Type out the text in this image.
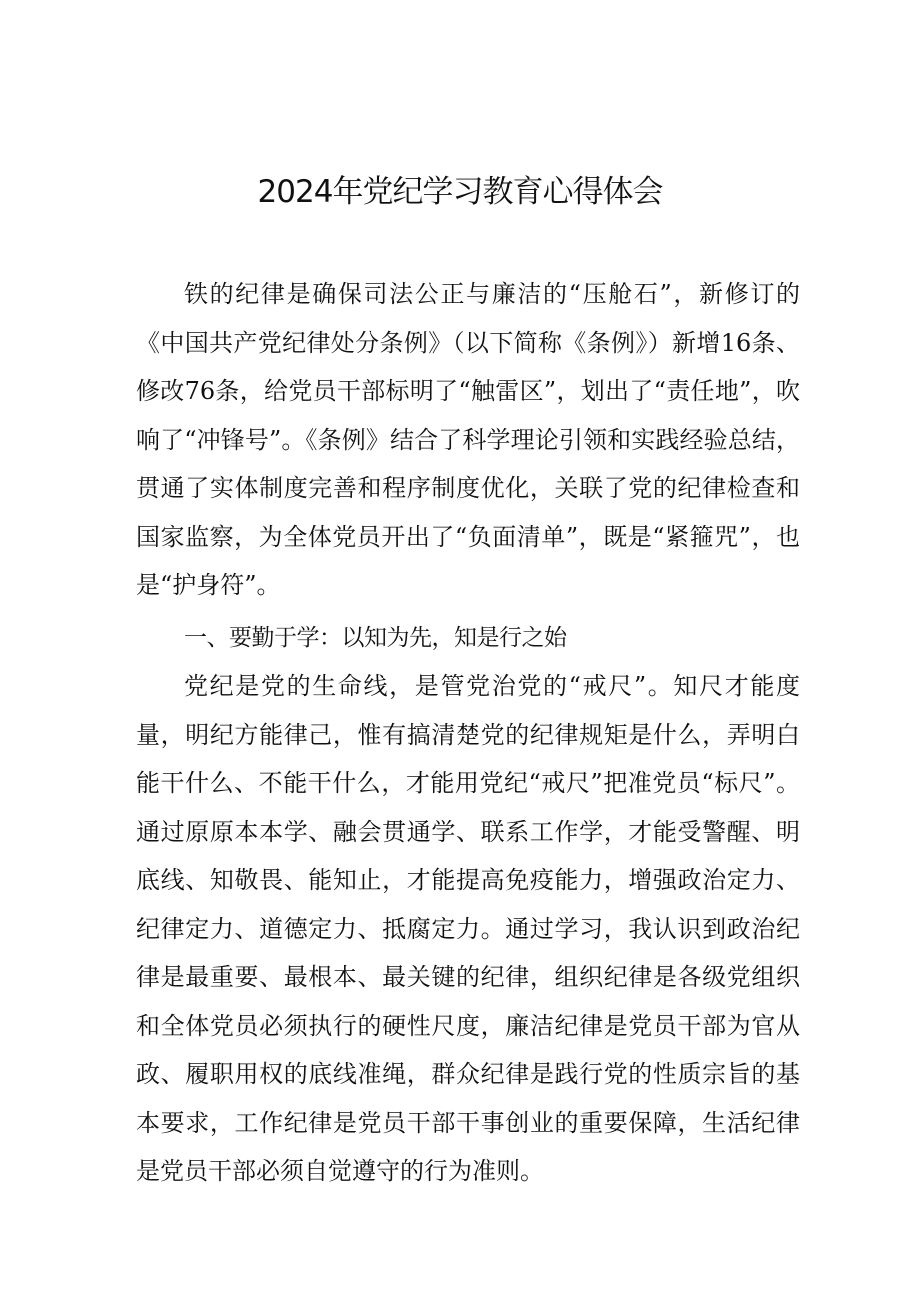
2024年党纪学习教育心得体会

铁的纪律是确保司法公正与廉洁的“压舱石”，新修订的《中国共产党纪律处分条例》（以下简称《条例》）新增16条、修改76条，给党员干部标明了“触雷区”，划出了“责任地”，吹响了“冲锋号”。《条例》结合了科学理论引领和实践经验总结，贯通了实体制度完善和程序制度优化，关联了党的纪律检查和国家监察，为全体党员开出了“负面清单”，既是“紧箍咒”，也是“护身符”。

一、要勤于学：以知为先，知是行之始

党纪是党的生命线，是管党治党的“戒尺”。知尺才能度量，明纪方能律己，惟有搞清楚党的纪律规矩是什么，弄明白能干什么、不能干什么，才能用党纪“戒尺”把准党员“标尺”。通过原原本本学、融会贯通学、联系工作学，才能受警醒、明底线、知敬畏、能知止，才能提高免疫能力，增强政治定力、纪律定力、道德定力、抵腐定力。通过学习，我认识到政治纪律是最重要、最根本、最关键的纪律，组织纪律是各级党组织和全体党员必须执行的硬性尺度，廉洁纪律是党员干部为官从政、履职用权的底线准绳，群众纪律是践行党的性质宗旨的基本要求，工作纪律是党员干部干事创业的重要保障，生活纪律是党员干部必须自觉遵守的行为准则。
